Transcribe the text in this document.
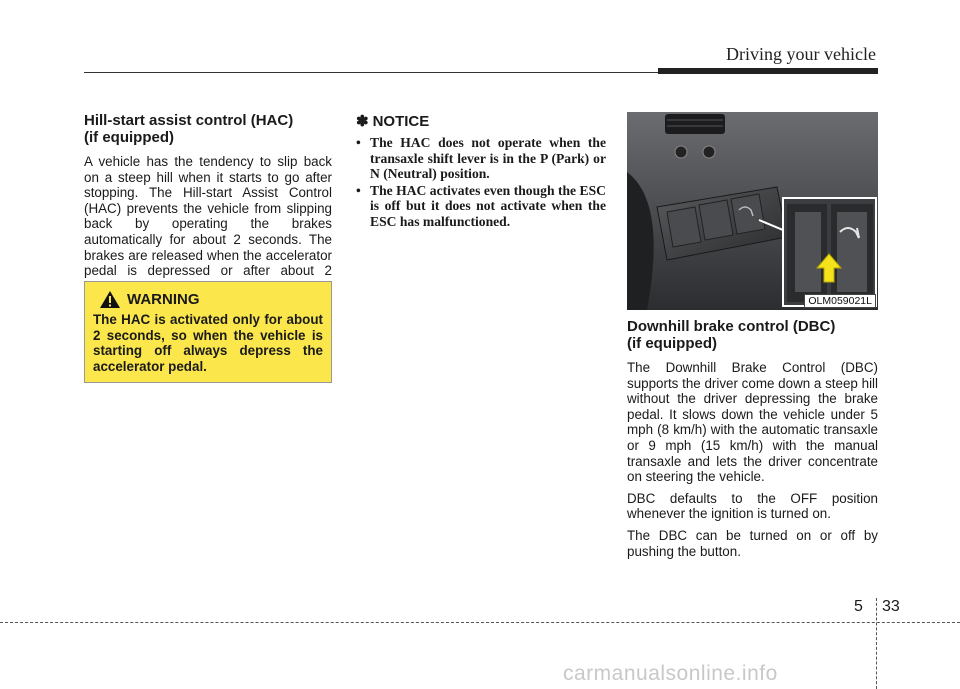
Driving your vehicle
Hill-start assist control (HAC)
(if equipped)

A vehicle has the tendency to slip back on a steep hill when it starts to go after stopping. The Hill-start Assist Control (HAC) prevents the vehicle from slipping back by operating the brakes automatically for about 2 seconds. The brakes are released when the accelerator pedal is depressed or after about 2

WARNING

The HAC is activated only for about 2 seconds, so when the vehicle is starting off always depress the accelerator pedal.

✽ NOTICE
• The HAC does not operate when the transaxle shift lever is in the P (Park) or N (Neutral) position.
• The HAC activates even though the ESC is off but it does not activate when the ESC has malfunctioned.
OLM059021L
Downhill brake control (DBC)
(if equipped)

The Downhill Brake Control (DBC) supports the driver come down a steep hill without the driver depressing the brake pedal. It slows down the vehicle under 5 mph (8 km/h) with the automatic transaxle or 9 mph (15 km/h) with the manual transaxle and lets the driver concentrate on steering the vehicle.

DBC defaults to the OFF position whenever the ignition is turned on.

The DBC can be turned on or off by pushing the button.

5 33
carmanualsonline.info
